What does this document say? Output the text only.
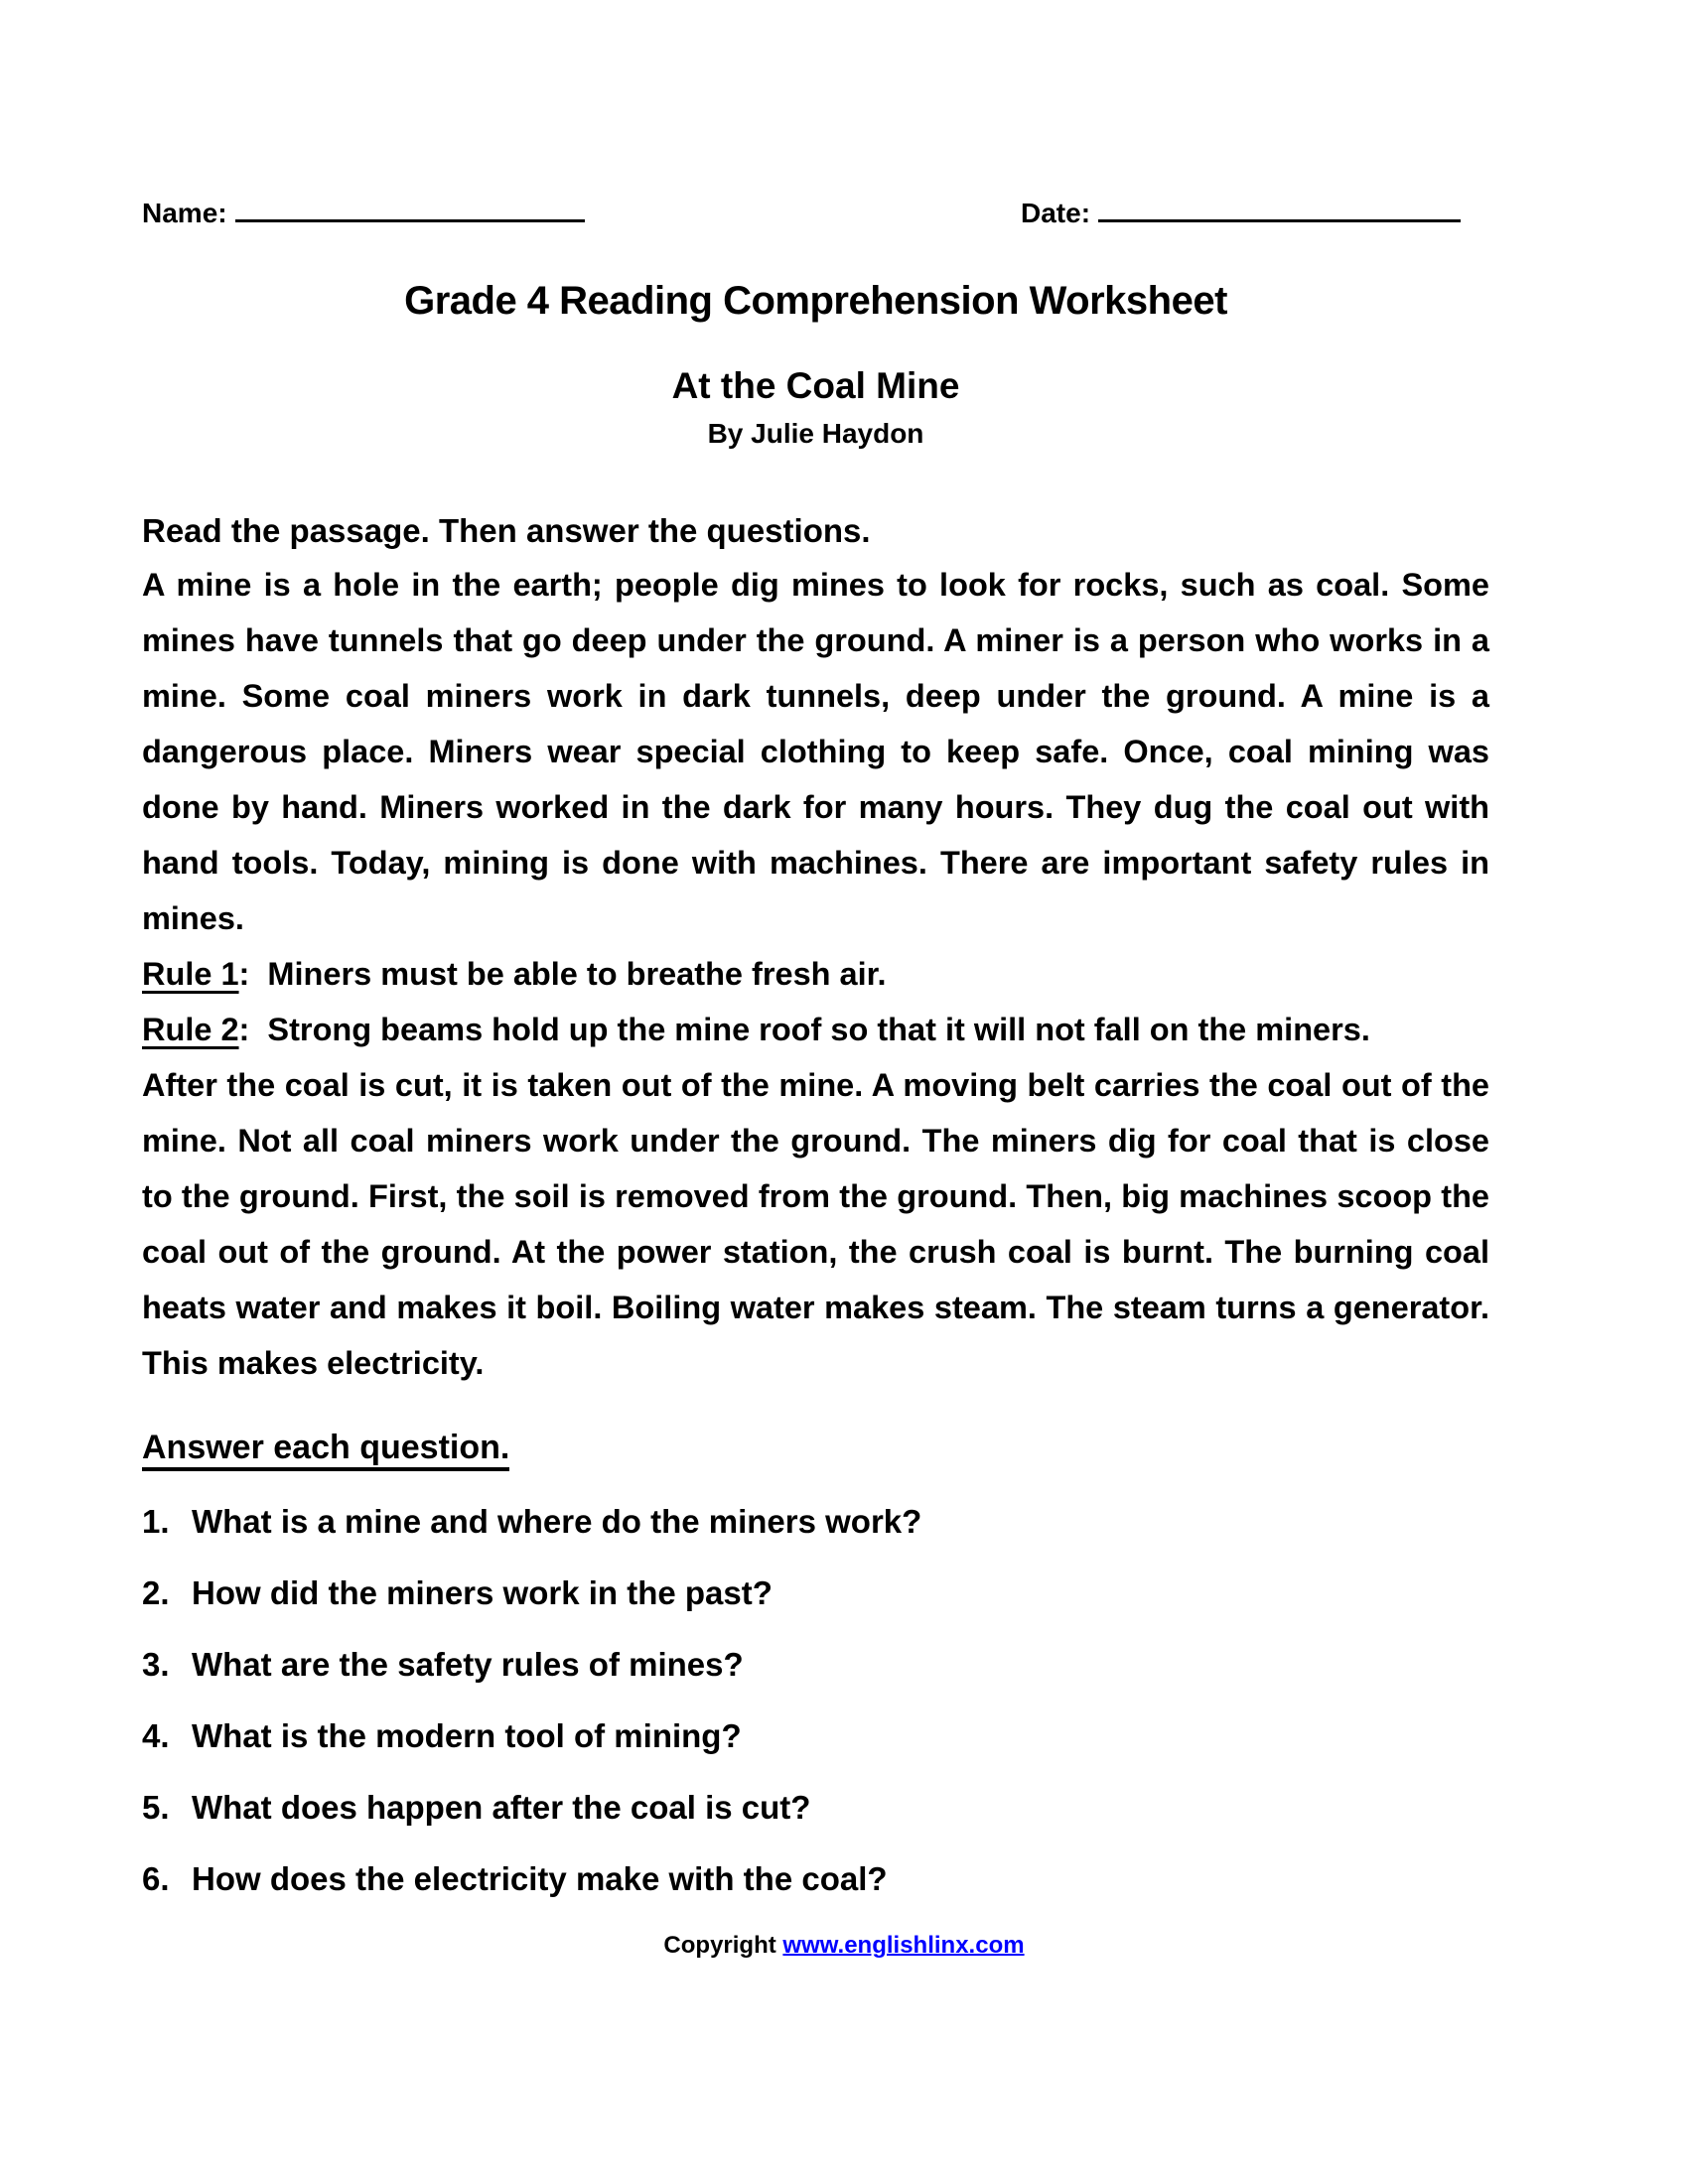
Name:	Date:
Grade 4 Reading Comprehension Worksheet
At the Coal Mine
By Julie Haydon
Read the passage. Then answer the questions.

A mine is a hole in the earth; people dig mines to look for rocks, such as coal. Some mines have tunnels that go deep under the ground. A miner is a person who works in a mine. Some coal miners work in dark tunnels, deep under the ground. A mine is a dangerous place. Miners wear special clothing to keep safe. Once, coal mining was done by hand. Miners worked in the dark for many hours. They dug the coal out with hand tools. Today, mining is done with machines. There are important safety rules in mines.

Rule 1:  Miners must be able to breathe fresh air.

Rule 2:  Strong beams hold up the mine roof so that it will not fall on the miners.

After the coal is cut, it is taken out of the mine. A moving belt carries the coal out of the mine. Not all coal miners work under the ground. The miners dig for coal that is close to the ground. First, the soil is removed from the ground. Then, big machines scoop the coal out of the ground. At the power station, the crush coal is burnt. The burning coal heats water and makes it boil. Boiling water makes steam. The steam turns a generator. This makes electricity.

Answer each question.
1. What is a mine and where do the miners work?
2. How did the miners work in the past?
3. What are the safety rules of mines?
4. What is the modern tool of mining?
5. What does happen after the coal is cut?
6. How does the electricity make with the coal?
Copyright www.englishlinx.com
